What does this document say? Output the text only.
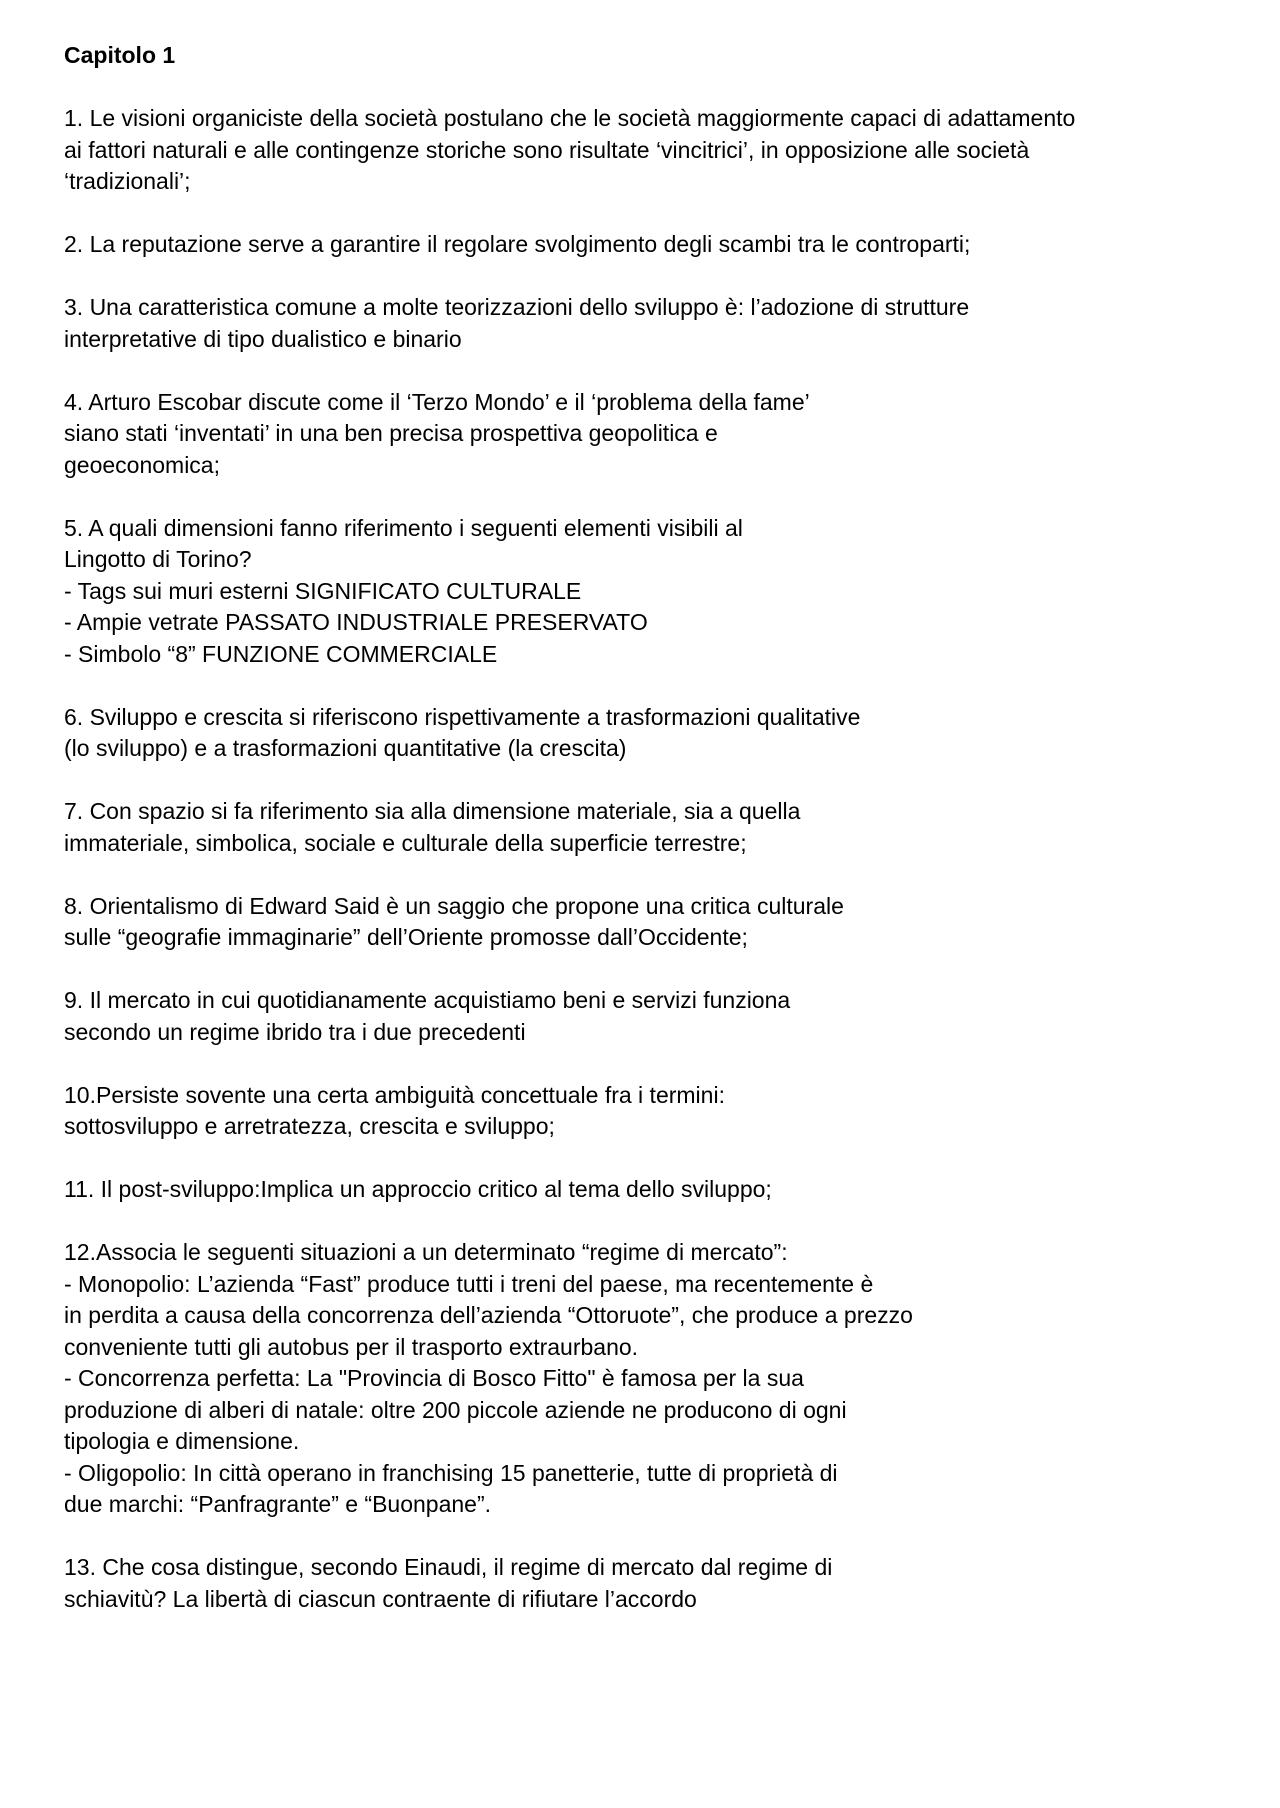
Capitolo 1
1. Le visioni organiciste della società postulano che le società maggiormente capaci di adattamento
ai fattori naturali e alle contingenze storiche sono risultate ‘vincitrici’, in opposizione alle società
‘tradizionali’;
2. La reputazione serve a garantire il regolare svolgimento degli scambi tra le controparti;
3. Una caratteristica comune a molte teorizzazioni dello sviluppo è: l’adozione di strutture
interpretative di tipo dualistico e binario
4. Arturo Escobar discute come il ‘Terzo Mondo’ e il ‘problema della fame’
siano stati ‘inventati’ in una ben precisa prospettiva geopolitica e
geoeconomica;
5. A quali dimensioni fanno riferimento i seguenti elementi visibili al
Lingotto di Torino?
- Tags sui muri esterni SIGNIFICATO CULTURALE
- Ampie vetrate PASSATO INDUSTRIALE PRESERVATO
- Simbolo “8” FUNZIONE COMMERCIALE
6. Sviluppo e crescita si riferiscono rispettivamente a trasformazioni qualitative
(lo sviluppo) e a trasformazioni quantitative (la crescita)
7. Con spazio si fa riferimento sia alla dimensione materiale, sia a quella
immateriale, simbolica, sociale e culturale della superficie terrestre;
8. Orientalismo di Edward Said è un saggio che propone una critica culturale
sulle “geografie immaginarie” dell’Oriente promosse dall’Occidente;
9. Il mercato in cui quotidianamente acquistiamo beni e servizi funziona
secondo un regime ibrido tra i due precedenti
10.Persiste sovente una certa ambiguità concettuale fra i termini:
sottosviluppo e arretratezza, crescita e sviluppo;
11. Il post-sviluppo:Implica un approccio critico al tema dello sviluppo;
12.Associa le seguenti situazioni a un determinato “regime di mercato”:
- Monopolio: L’azienda “Fast” produce tutti i treni del paese, ma recentemente è
in perdita a causa della concorrenza dell’azienda “Ottoruote”, che produce a prezzo
conveniente tutti gli autobus per il trasporto extraurbano.
- Concorrenza perfetta: La "Provincia di Bosco Fitto" è famosa per la sua
produzione di alberi di natale: oltre 200 piccole aziende ne producono di ogni
tipologia e dimensione.
- Oligopolio: In città operano in franchising 15 panetterie, tutte di proprietà di
due marchi: “Panfragrante” e “Buonpane”.
13. Che cosa distingue, secondo Einaudi, il regime di mercato dal regime di
schiavitù? La libertà di ciascun contraente di rifiutare l’accordo
